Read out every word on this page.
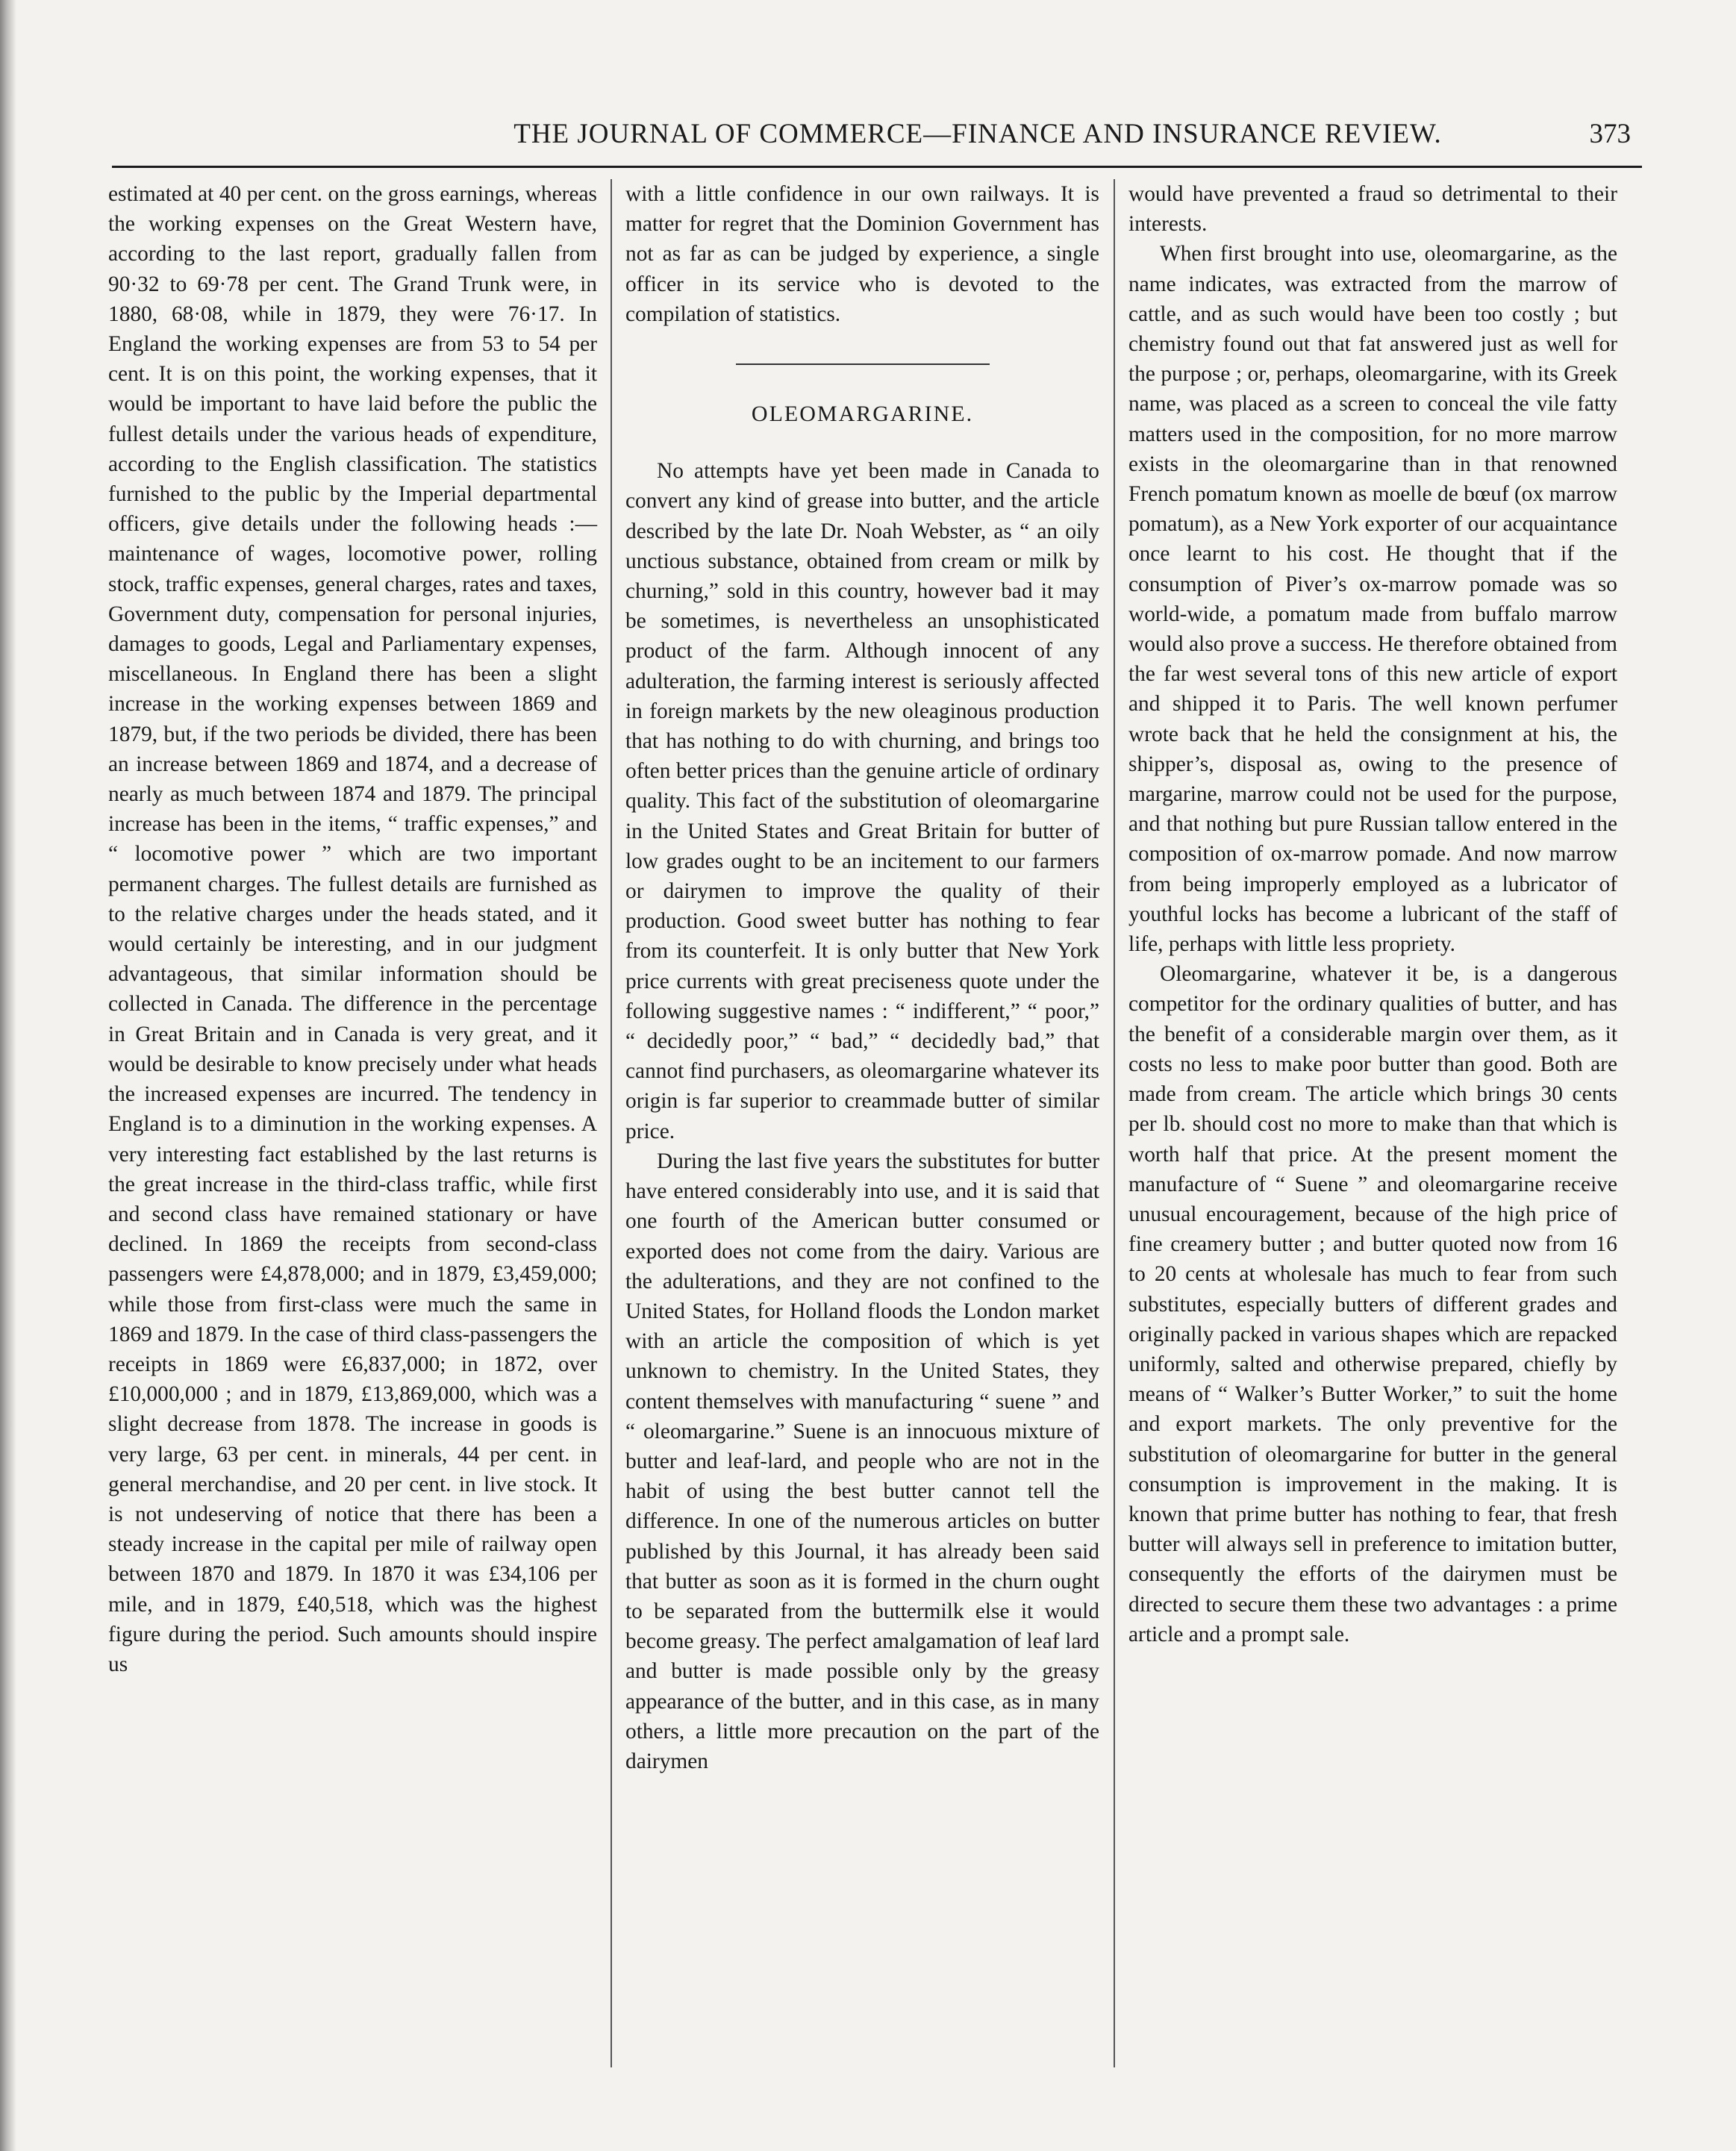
THE JOURNAL OF COMMERCE—FINANCE AND INSURANCE REVIEW.	373

estimated at 40 per cent. on the gross earnings, whereas the working expenses on the Great Western have, according to the last report, gradually fallen from 90·32 to 69·78 per cent. The Grand Trunk were, in 1880, 68·08, while in 1879, they were 76·17. In England the working expenses are from 53 to 54 per cent. It is on this point, the working expenses, that it would be important to have laid before the public the fullest details under the various heads of expenditure, according to the English classification. The statistics furnished to the public by the Imperial departmental officers, give details under the following heads :—maintenance of wages, locomotive power, rolling stock, traffic expenses, general charges, rates and taxes, Government duty, compensation for personal injuries, damages to goods, Legal and Parliamentary expenses, miscellaneous. In England there has been a slight increase in the working expenses between 1869 and 1879, but, if the two periods be divided, there has been an increase between 1869 and 1874, and a decrease of nearly as much between 1874 and 1879. The principal increase has been in the items, “ traffic expenses,” and “ locomotive power ” which are two important permanent charges. The fullest details are furnished as to the relative charges under the heads stated, and it would certainly be interesting, and in our judgment advantageous, that similar information should be collected in Canada. The difference in the percentage in Great Britain and in Canada is very great, and it would be desirable to know precisely under what heads the increased expenses are incurred. The tendency in England is to a diminution in the working expenses. A very interesting fact established by the last returns is the great increase in the third-class traffic, while first and second class have remained stationary or have declined. In 1869 the receipts from second-class passengers were £4,878,000; and in 1879, £3,459,000; while those from first-class were much the same in 1869 and 1879. In the case of third class-passengers the receipts in 1869 were £6,837,000; in 1872, over £10,000,000 ; and in 1879, £13,869,000, which was a slight decrease from 1878. The increase in goods is very large, 63 per cent. in minerals, 44 per cent. in general merchandise, and 20 per cent. in live stock. It is not undeserving of notice that there has been a steady increase in the capital per mile of railway open between 1870 and 1879. In 1870 it was £34,106 per mile, and in 1879, £40,518, which was the highest figure during the period. Such amounts should inspire us

with a little confidence in our own railways. It is matter for regret that the Dominion Government has not as far as can be judged by experience, a single officer in its service who is devoted to the compilation of statistics.

OLEOMARGARINE.

No attempts have yet been made in Canada to convert any kind of grease into butter, and the article described by the late Dr. Noah Webster, as “ an oily unctious substance, obtained from cream or milk by churning,” sold in this country, however bad it may be sometimes, is nevertheless an unsophisticated product of the farm. Although innocent of any adulteration, the farming interest is seriously affected in foreign markets by the new oleaginous production that has nothing to do with churning, and brings too often better prices than the genuine article of ordinary quality. This fact of the substitution of oleomargarine in the United States and Great Britain for butter of low grades ought to be an incitement to our farmers or dairymen to improve the quality of their production. Good sweet butter has nothing to fear from its counterfeit. It is only butter that New York price currents with great preciseness quote under the following suggestive names : “ indifferent,” “ poor,” “ decidedly poor,” “ bad,” “ decidedly bad,” that cannot find purchasers, as oleomargarine whatever its origin is far superior to creammade butter of similar price.

During the last five years the substitutes for butter have entered considerably into use, and it is said that one fourth of the American butter consumed or exported does not come from the dairy. Various are the adulterations, and they are not confined to the United States, for Holland floods the London market with an article the composition of which is yet unknown to chemistry. In the United States, they content themselves with manufacturing “ suene ” and “ oleomargarine.” Suene is an innocuous mixture of butter and leaf-lard, and people who are not in the habit of using the best butter cannot tell the difference. In one of the numerous articles on butter published by this Journal, it has already been said that butter as soon as it is formed in the churn ought to be separated from the buttermilk else it would become greasy. The perfect amalgamation of leaf lard and butter is made possible only by the greasy appearance of the butter, and in this case, as in many others, a little more precaution on the part of the dairymen

would have prevented a fraud so detrimental to their interests.

When first brought into use, oleomargarine, as the name indicates, was extracted from the marrow of cattle, and as such would have been too costly ; but chemistry found out that fat answered just as well for the purpose ; or, perhaps, oleomargarine, with its Greek name, was placed as a screen to conceal the vile fatty matters used in the composition, for no more marrow exists in the oleomargarine than in that renowned French pomatum known as moelle de bœuf (ox marrow pomatum), as a New York exporter of our acquaintance once learnt to his cost. He thought that if the consumption of Piver’s ox-marrow pomade was so world-wide, a pomatum made from buffalo marrow would also prove a success. He therefore obtained from the far west several tons of this new article of export and shipped it to Paris. The well known perfumer wrote back that he held the consignment at his, the shipper’s, disposal as, owing to the presence of margarine, marrow could not be used for the purpose, and that nothing but pure Russian tallow entered in the composition of ox-marrow pomade. And now marrow from being improperly employed as a lubricator of youthful locks has become a lubricant of the staff of life, perhaps with little less propriety.

Oleomargarine, whatever it be, is a dangerous competitor for the ordinary qualities of butter, and has the benefit of a considerable margin over them, as it costs no less to make poor butter than good. Both are made from cream. The article which brings 30 cents per lb. should cost no more to make than that which is worth half that price. At the present moment the manufacture of “ Suene ” and oleomargarine receive unusual encouragement, because of the high price of fine creamery butter ; and butter quoted now from 16 to 20 cents at wholesale has much to fear from such substitutes, especially butters of different grades and originally packed in various shapes which are repacked uniformly, salted and otherwise prepared, chiefly by means of “ Walker’s Butter Worker,” to suit the home and export markets. The only preventive for the substitution of oleomargarine for butter in the general consumption is improvement in the making. It is known that prime butter has nothing to fear, that fresh butter will always sell in preference to imitation butter, consequently the efforts of the dairymen must be directed to secure them these two advantages : a prime article and a prompt sale.
